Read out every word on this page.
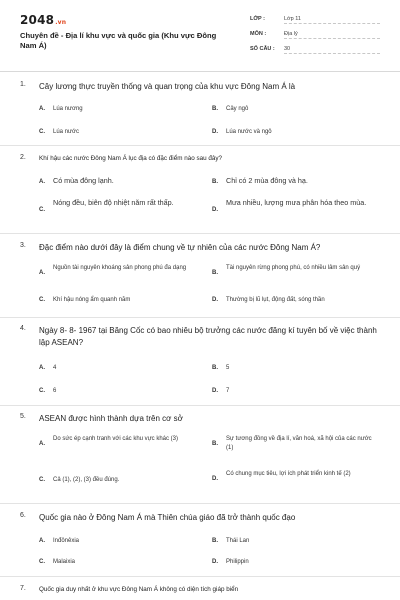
2048.vn
Chuyên đề - Địa lí khu vực và quốc gia (Khu vực Đông Nam Á)
LỚP :	Lớp 11
MÔN :	Địa lý
SỐ CÂU : 30
1. Cây lương thực truyền thống và quan trọng của khu vực Đông Nam Á là
A. Lúa nương	B. Cây ngô
C. Lúa nước	D. Lúa nước và ngô
2. Khí hậu các nước Đông Nam Á lục địa có đặc điểm nào sau đây?
A. Có mùa đông lạnh.	B. Chỉ có 2 mùa đông và hạ.
C.
Nóng đều, biên độ nhiệt năm rất thấp.
D.
Mưa nhiều, lượng mưa phân hóa theo mùa.
3. Đặc điểm nào dưới đây là điểm chung về tự nhiên của các nước Đông Nam Á?
A.
Nguồn tài nguyên khoáng sản phong phú đa dạng
B.
Tài nguyên rừng phong phú, có nhiều lâm sản quý
C. Khí hậu nóng ẩm quanh năm	D. Thường bị lũ lụt, động đất, sóng thần
4. Ngày 8- 8- 1967 tại Băng Cốc có bao nhiêu bộ trưởng các nước đăng kí tuyên bố về việc thành lập ASEAN?
A. 4	B. 5
C. 6	D. 7
5. ASEAN được hình thành dựa trên cơ sở
A.
Do sức ép cạnh tranh với các khu vực khác (3)
B.
Sự tương đồng về địa lí, văn hoá, xã hội của các nước (1)
C. Cả (1), (2), (3) đều đúng.	D.
Có chung mục tiêu, lợi ích phát triển kinh tế (2)
6. Quốc gia nào ở Đông Nam Á mà Thiên chúa giáo đã trở thành quốc đạo
A. Inđônêxia	B. Thái Lan
C. Malaixia	D. Philippin
7. Quốc gia duy nhất ở khu vực Đông Nam Á không có diện tích giáp biển
